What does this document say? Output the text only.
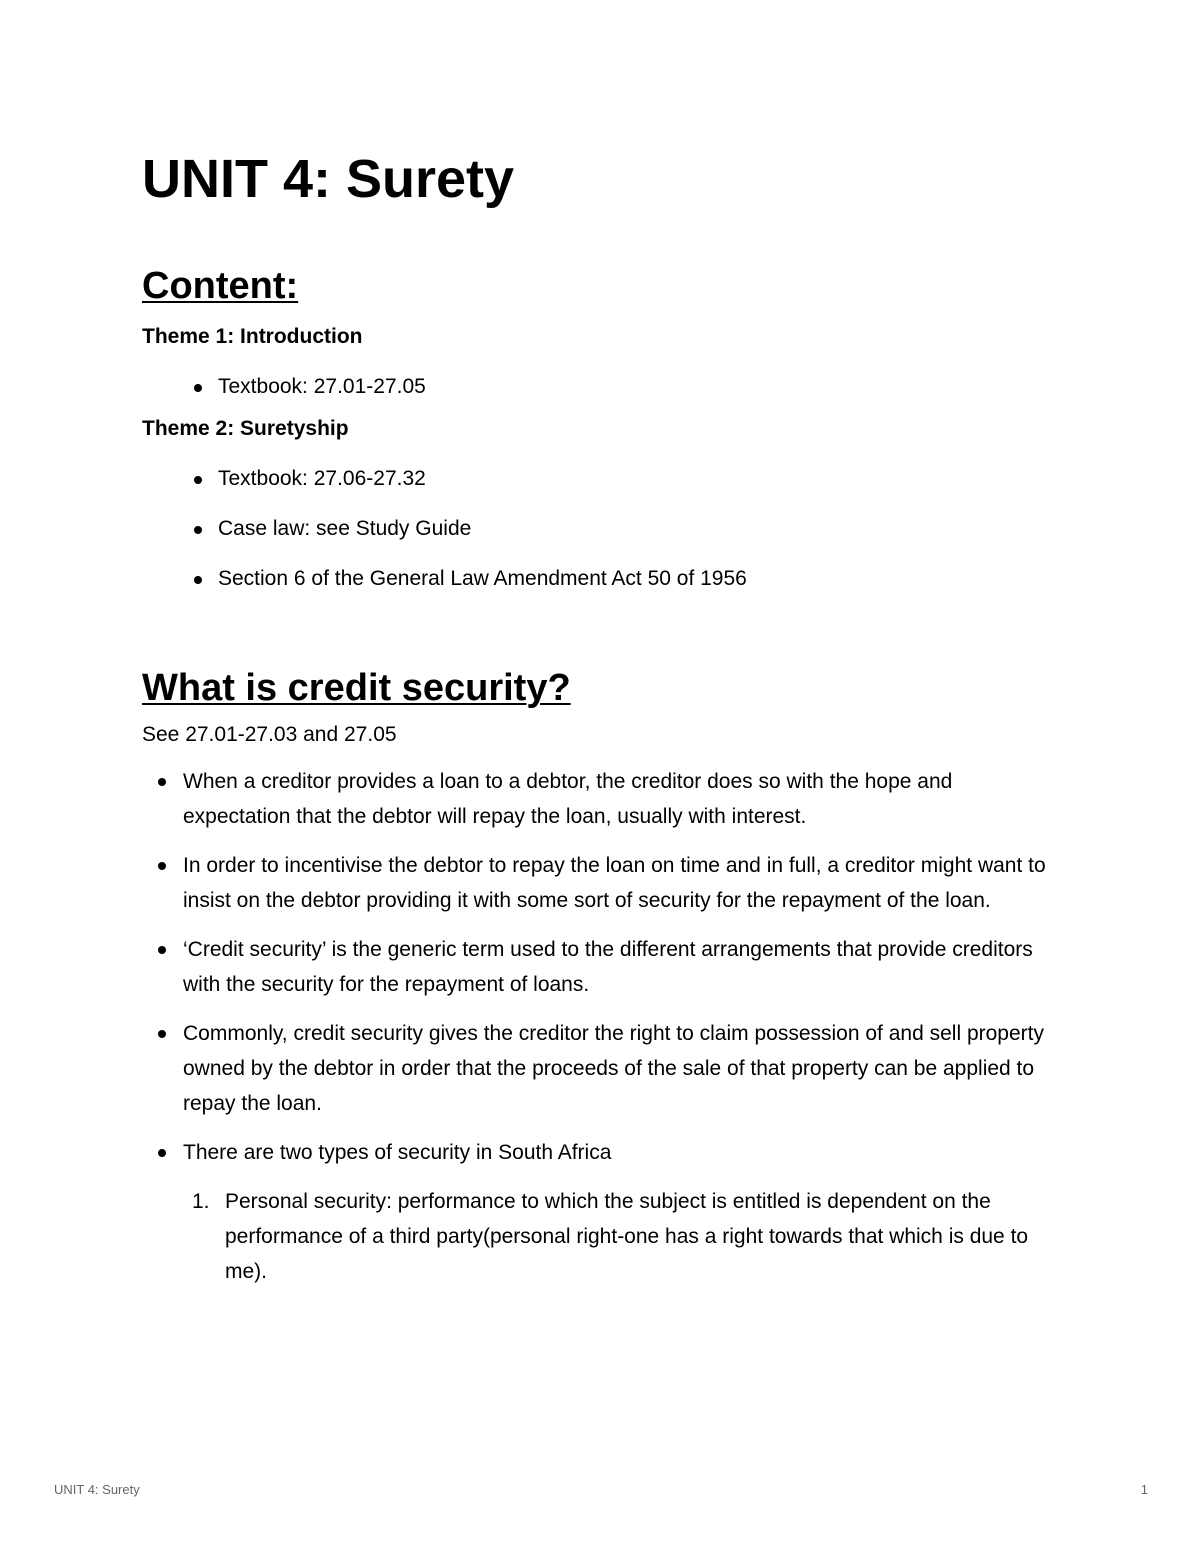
UNIT 4: Surety
Content:

Theme 1: Introduction

Textbook: 27.01-27.05

Theme 2: Suretyship

Textbook: 27.06-27.32
Case law: see Study Guide
Section 6 of the General Law Amendment Act 50 of 1956
What is credit security?

See 27.01-27.03 and 27.05

When a creditor provides a loan to a debtor, the creditor does so with the hope and expectation that the debtor will repay the loan, usually with interest.
In order to incentivise the debtor to repay the loan on time and in full, a creditor might want to insist on the debtor providing it with some sort of security for the repayment of the loan.
‘Credit security’ is the generic term used to the different arrangements that provide creditors with the security for the repayment of loans.
Commonly, credit security gives the creditor the right to claim possession of and sell property owned by the debtor in order that the proceeds of the sale of that property can be applied to repay the loan.
There are two types of security in South Africa
1. Personal security: performance to which the subject is entitled is dependent on the performance of a third party(personal right-one has a right towards that which is due to me).
UNIT 4: Surety	1
